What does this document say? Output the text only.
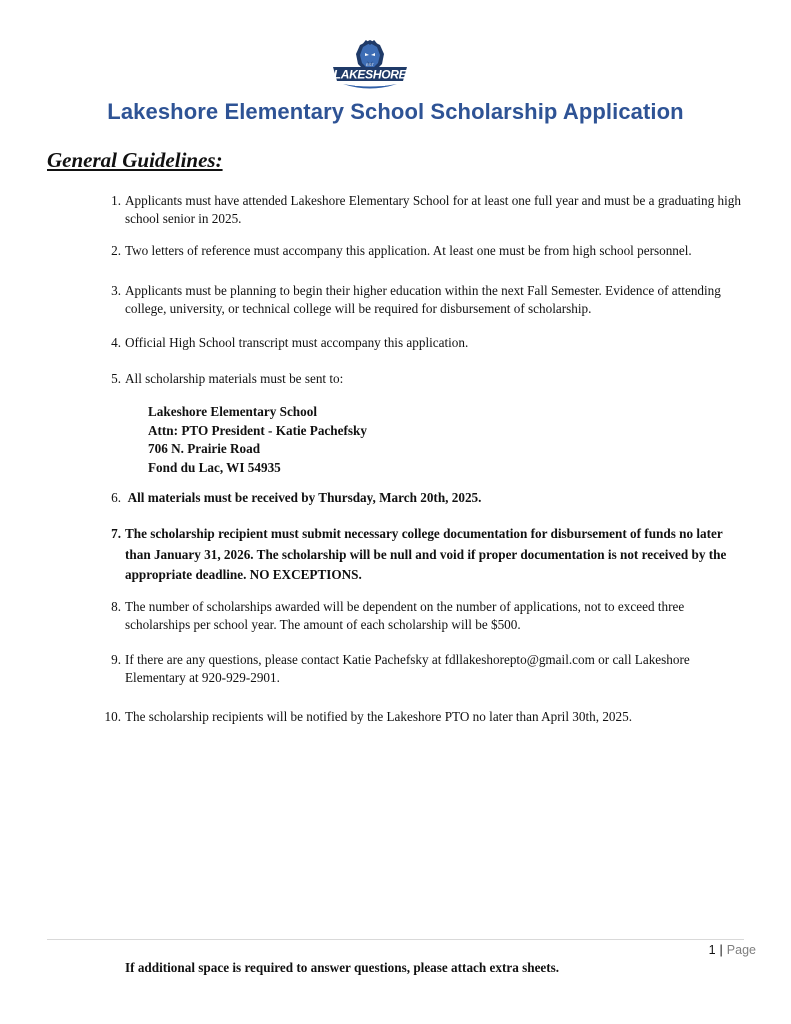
LAKESHORE
EST
Lakeshore Elementary School Scholarship Application
General Guidelines:
1. Applicants must have attended Lakeshore Elementary School for at least one full year and must be a graduating high school senior in 2025.
2. Two letters of reference must accompany this application. At least one must be from high school personnel.
3. Applicants must be planning to begin their higher education within the next Fall Semester. Evidence of attending college, university, or technical college will be required for disbursement of scholarship.
4. Official High School transcript must accompany this application.
5. All scholarship materials must be sent to:
6. All materials must be received by Thursday, March 20th, 2025.
7. The scholarship recipient must submit necessary college documentation for disbursement of funds no later than January 31, 2026. The scholarship will be null and void if proper documentation is not received by the appropriate deadline. NO EXCEPTIONS.
8. The number of scholarships awarded will be dependent on the number of applications, not to exceed three scholarships per school year. The amount of each scholarship will be $500.
9. If there are any questions, please contact Katie Pachefsky at fdllakeshorepto@gmail.com or call Lakeshore Elementary at 920-929-2901.
10. The scholarship recipients will be notified by the Lakeshore PTO no later than April 30th, 2025.
Lakeshore Elementary School
Attn: PTO President - Katie Pachefsky
706 N. Prairie Road
Fond du Lac, WI 54935
1 | Page
If additional space is required to answer questions, please attach extra sheets.
